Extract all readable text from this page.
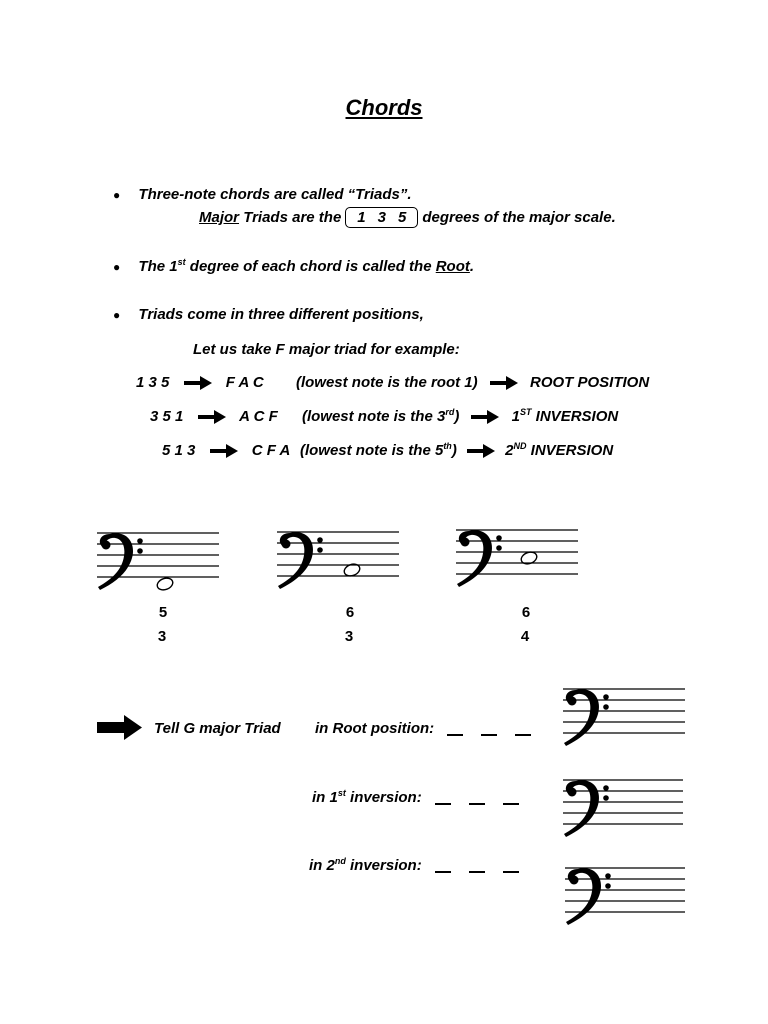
Chords
● Three-note chords are called “Triads”.
Major Triads are the 1 3 5 degrees of the major scale.
● The 1st degree of each chord is called the Root.
● Triads come in three different positions,
Let us take F major triad for example:
1 3 5	F A C (lowest note is the root 1)	ROOT POSITION
3 5 1	A C F (lowest note is the 3rd)	1ST INVERSION
5 1 3	C F A (lowest note is the 5th)	2ND INVERSION
5
3
6
3
6
4
Tell G major Triad in Root position:
in 1st inversion:
in 2nd inversion:
